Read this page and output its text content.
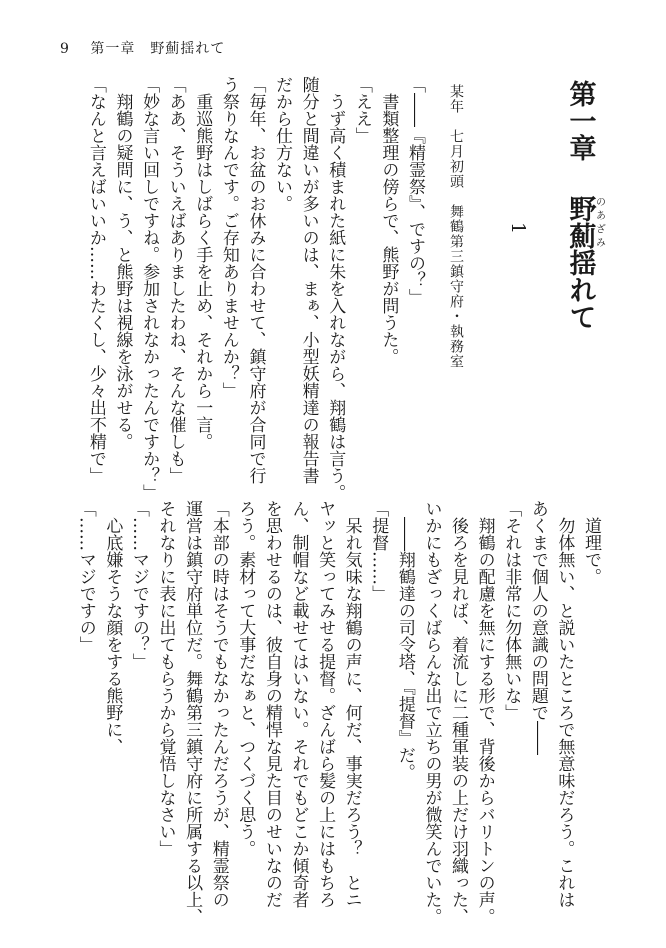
9　 第一章　 野薊揺れて
第一章野薊のあざみ揺れて
1
某年　七月初頭　舞鶴第三鎮守府・執務室
「――『精霊祭』、ですの？」
書類整理の傍らで、熊野が問うた。
「ええ」
うず高く積まれた紙に朱を入れながら、翔鶴は言う。
随分と間違いが多いのは、まぁ、小型妖精達の報告書
だから仕方ない。
「毎年、お盆のお休みに合わせて、鎮守府が合同で行
う祭りなんです。ご存知ありませんか？」
重巡熊野はしばらく手を止め、それから一言。
「ああ、そういえばありましたわね、そんな催しも」
「妙な言い回しですね。参加されなかったんですか？」
翔鶴の疑問に、う、と熊野は視線を泳がせる。
「なんと言えばいいか……わたくし、少々出不精で」
道理で。
勿体無い、と説いたところで無意味だろう。これは
あくまで個人の意識の問題で――
「それは非常に勿体無いな」
翔鶴の配慮を無にする形で、背後からバリトンの声。
後ろを見れば、着流しに二種軍装の上だけ羽織った、
いかにもざっくばらんな出で立ちの男が微笑んでいた。
――翔鶴達の司令塔、『提督』だ。
「提督……」
呆れ気味な翔鶴の声に、何だ、事実だろう？　とニ
ヤッと笑ってみせる提督。ざんばら髪の上にはもちろ
ん、制帽など載せてはいない。それでもどこか傾奇者
を思わせるのは、彼自身の精悍な見た目のせいなのだ
ろう。素材って大事だなぁと、つくづく思う。
「本部の時はそうでもなかったんだろうが、精霊祭の
運営は鎮守府単位だ。舞鶴第三鎮守府に所属する以上、
それなりに表に出てもらうから覚悟しなさい」
「……マジですの？」
心底嫌そうな顔をする熊野に、
「……マジですの」
